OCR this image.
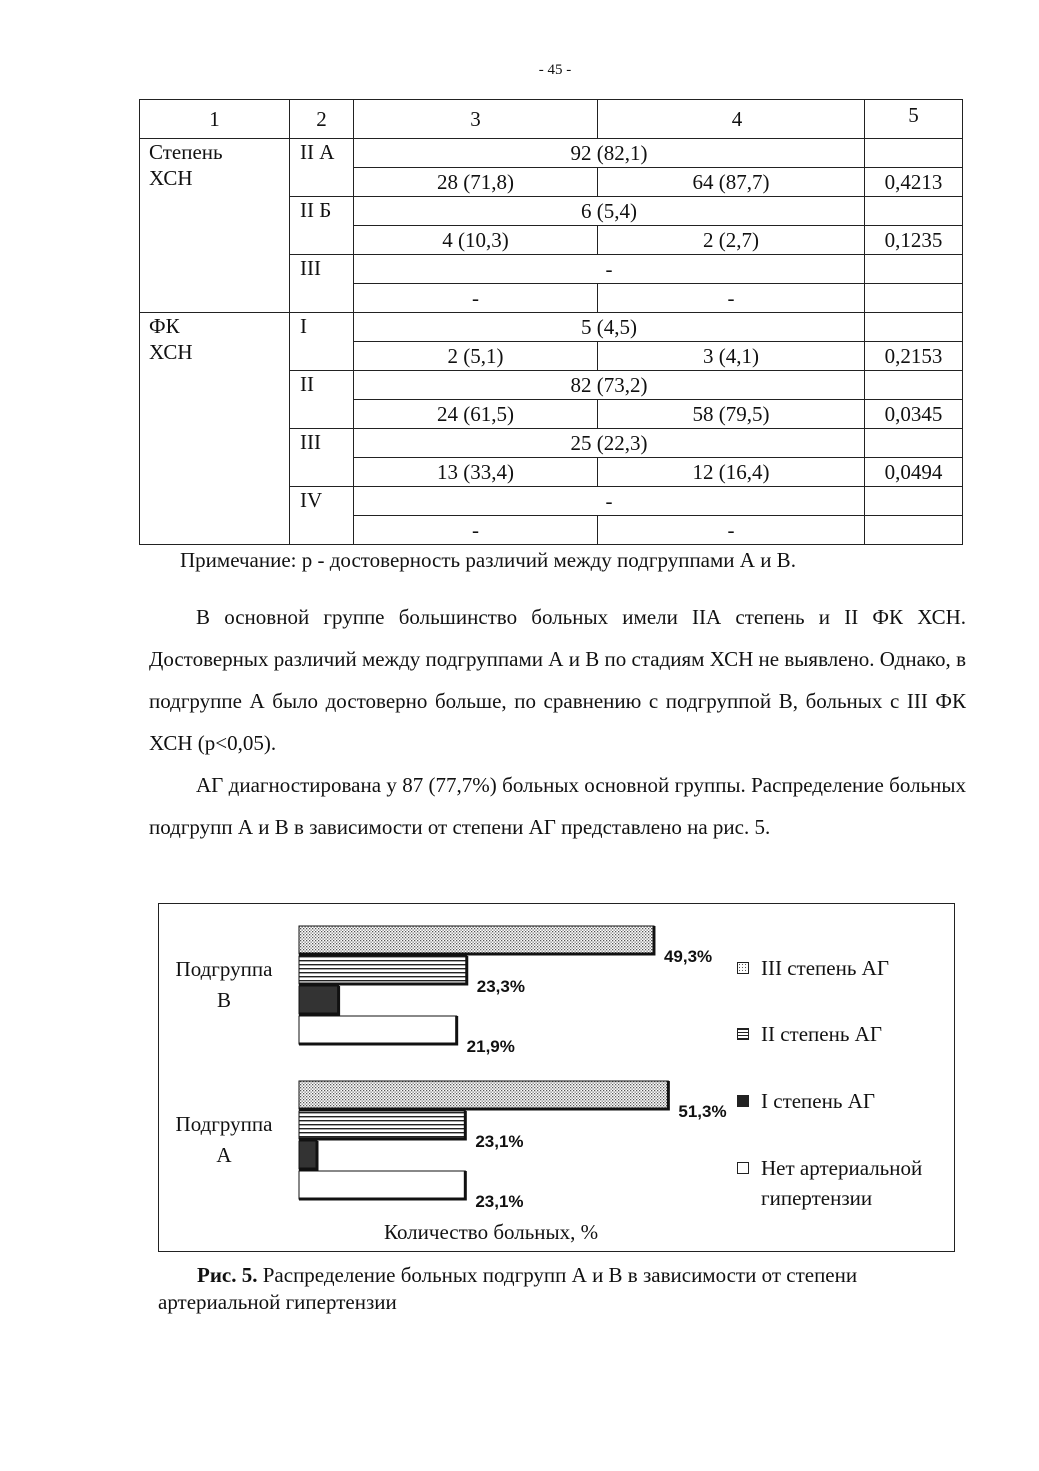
- 45 -
1	2	3	4	5
Степень
ХСН	II А	92 (82,1)		
		28 (71,8)	64 (87,7)	0,4213
	II Б	6 (5,4)		
		4 (10,3)	2 (2,7)	0,1235
	III	-		
		-	-	
ФК
ХСН	I	5 (4,5)		
		2 (5,1)	3 (4,1)	0,2153
	II	82 (73,2)		
		24 (61,5)	58 (79,5)	0,0345
	III	25 (22,3)		
		13 (33,4)	12 (16,4)	0,0494
	IV	-		
		-	-	
Примечание: p - достоверность различий между подгруппами А и В.

В основной группе большинство больных имели IIА степень и II ФК ХСН. Достоверных различий между подгруппами А и В по стадиям ХСН не выявлено. Однако, в подгруппе А было достоверно больше, по сравнению с подгруппой В, больных с III ФК ХСН (р<0,05).

АГ диагностирована у 87 (77,7%) больных основной группы. Распределение больных подгрупп А и В в зависимости от степени АГ представлено на рис. 5.

49,3%
23,3%
21,9%
51,3%
23,1%
23,1%
Подгруппа
В
Подгруппа
А
III степень АГ
II степень АГ
I степень АГ
Нет артериальной
гипертензии
Количество больных, %
Рис. 5. Распределение больных подгрупп А и В в зависимости от степени артериальной гипертензии
